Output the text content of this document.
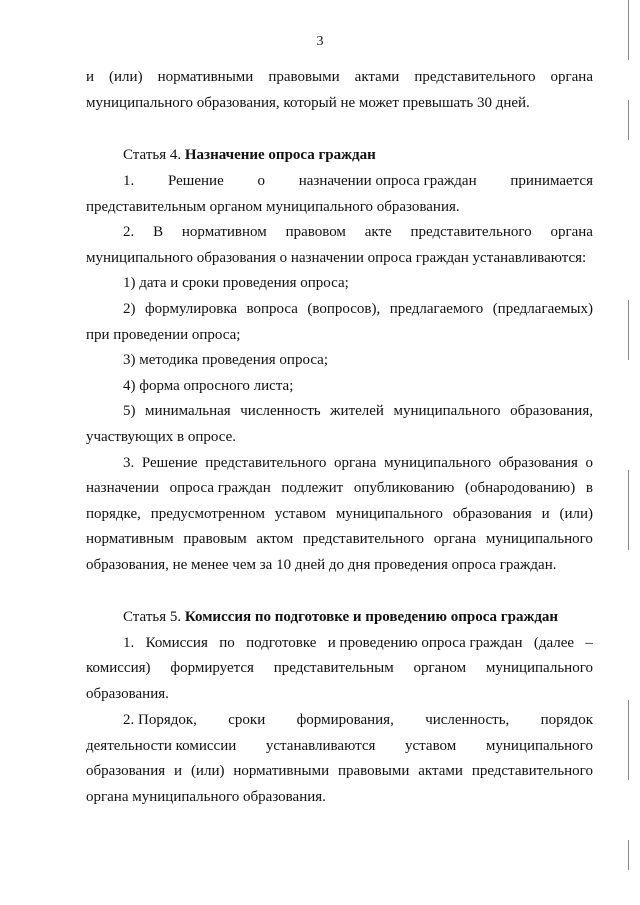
3
и (или) нормативными правовыми актами представительного органа
муниципального образования, который не может превышать 30 дней.
Статья 4. Назначение опроса граждан
1. Решение о назначении опроса граждан принимается
представительным органом муниципального образования.
2. В нормативном правовом акте представительного органа
муниципального образования о назначении опроса граждан устанавливаются:
1) дата и сроки проведения опроса;
2) формулировка вопроса (вопросов), предлагаемого (предлагаемых)
при проведении опроса;
3) методика проведения опроса;
4) форма опросного листа;
5) минимальная численность жителей муниципального образования,
участвующих в опросе.
3. Решение представительного органа муниципального образования о
назначении опроса граждан подлежит опубликованию (обнародованию) в
порядке, предусмотренном уставом муниципального образования и (или)
нормативным правовым актом представительного органа муниципального
образования, не менее чем за 10 дней до дня проведения опроса граждан.
Статья 5. Комиссия по подготовке и проведению опроса граждан
1. Комиссия по подготовке и проведению опроса граждан (далее –
комиссия) формируется представительным органом муниципального
образования.
2. Порядок, сроки формирования, численность, порядок
деятельности комиссии устанавливаются уставом муниципального
образования и (или) нормативными правовыми актами представительного
органа муниципального образования.
